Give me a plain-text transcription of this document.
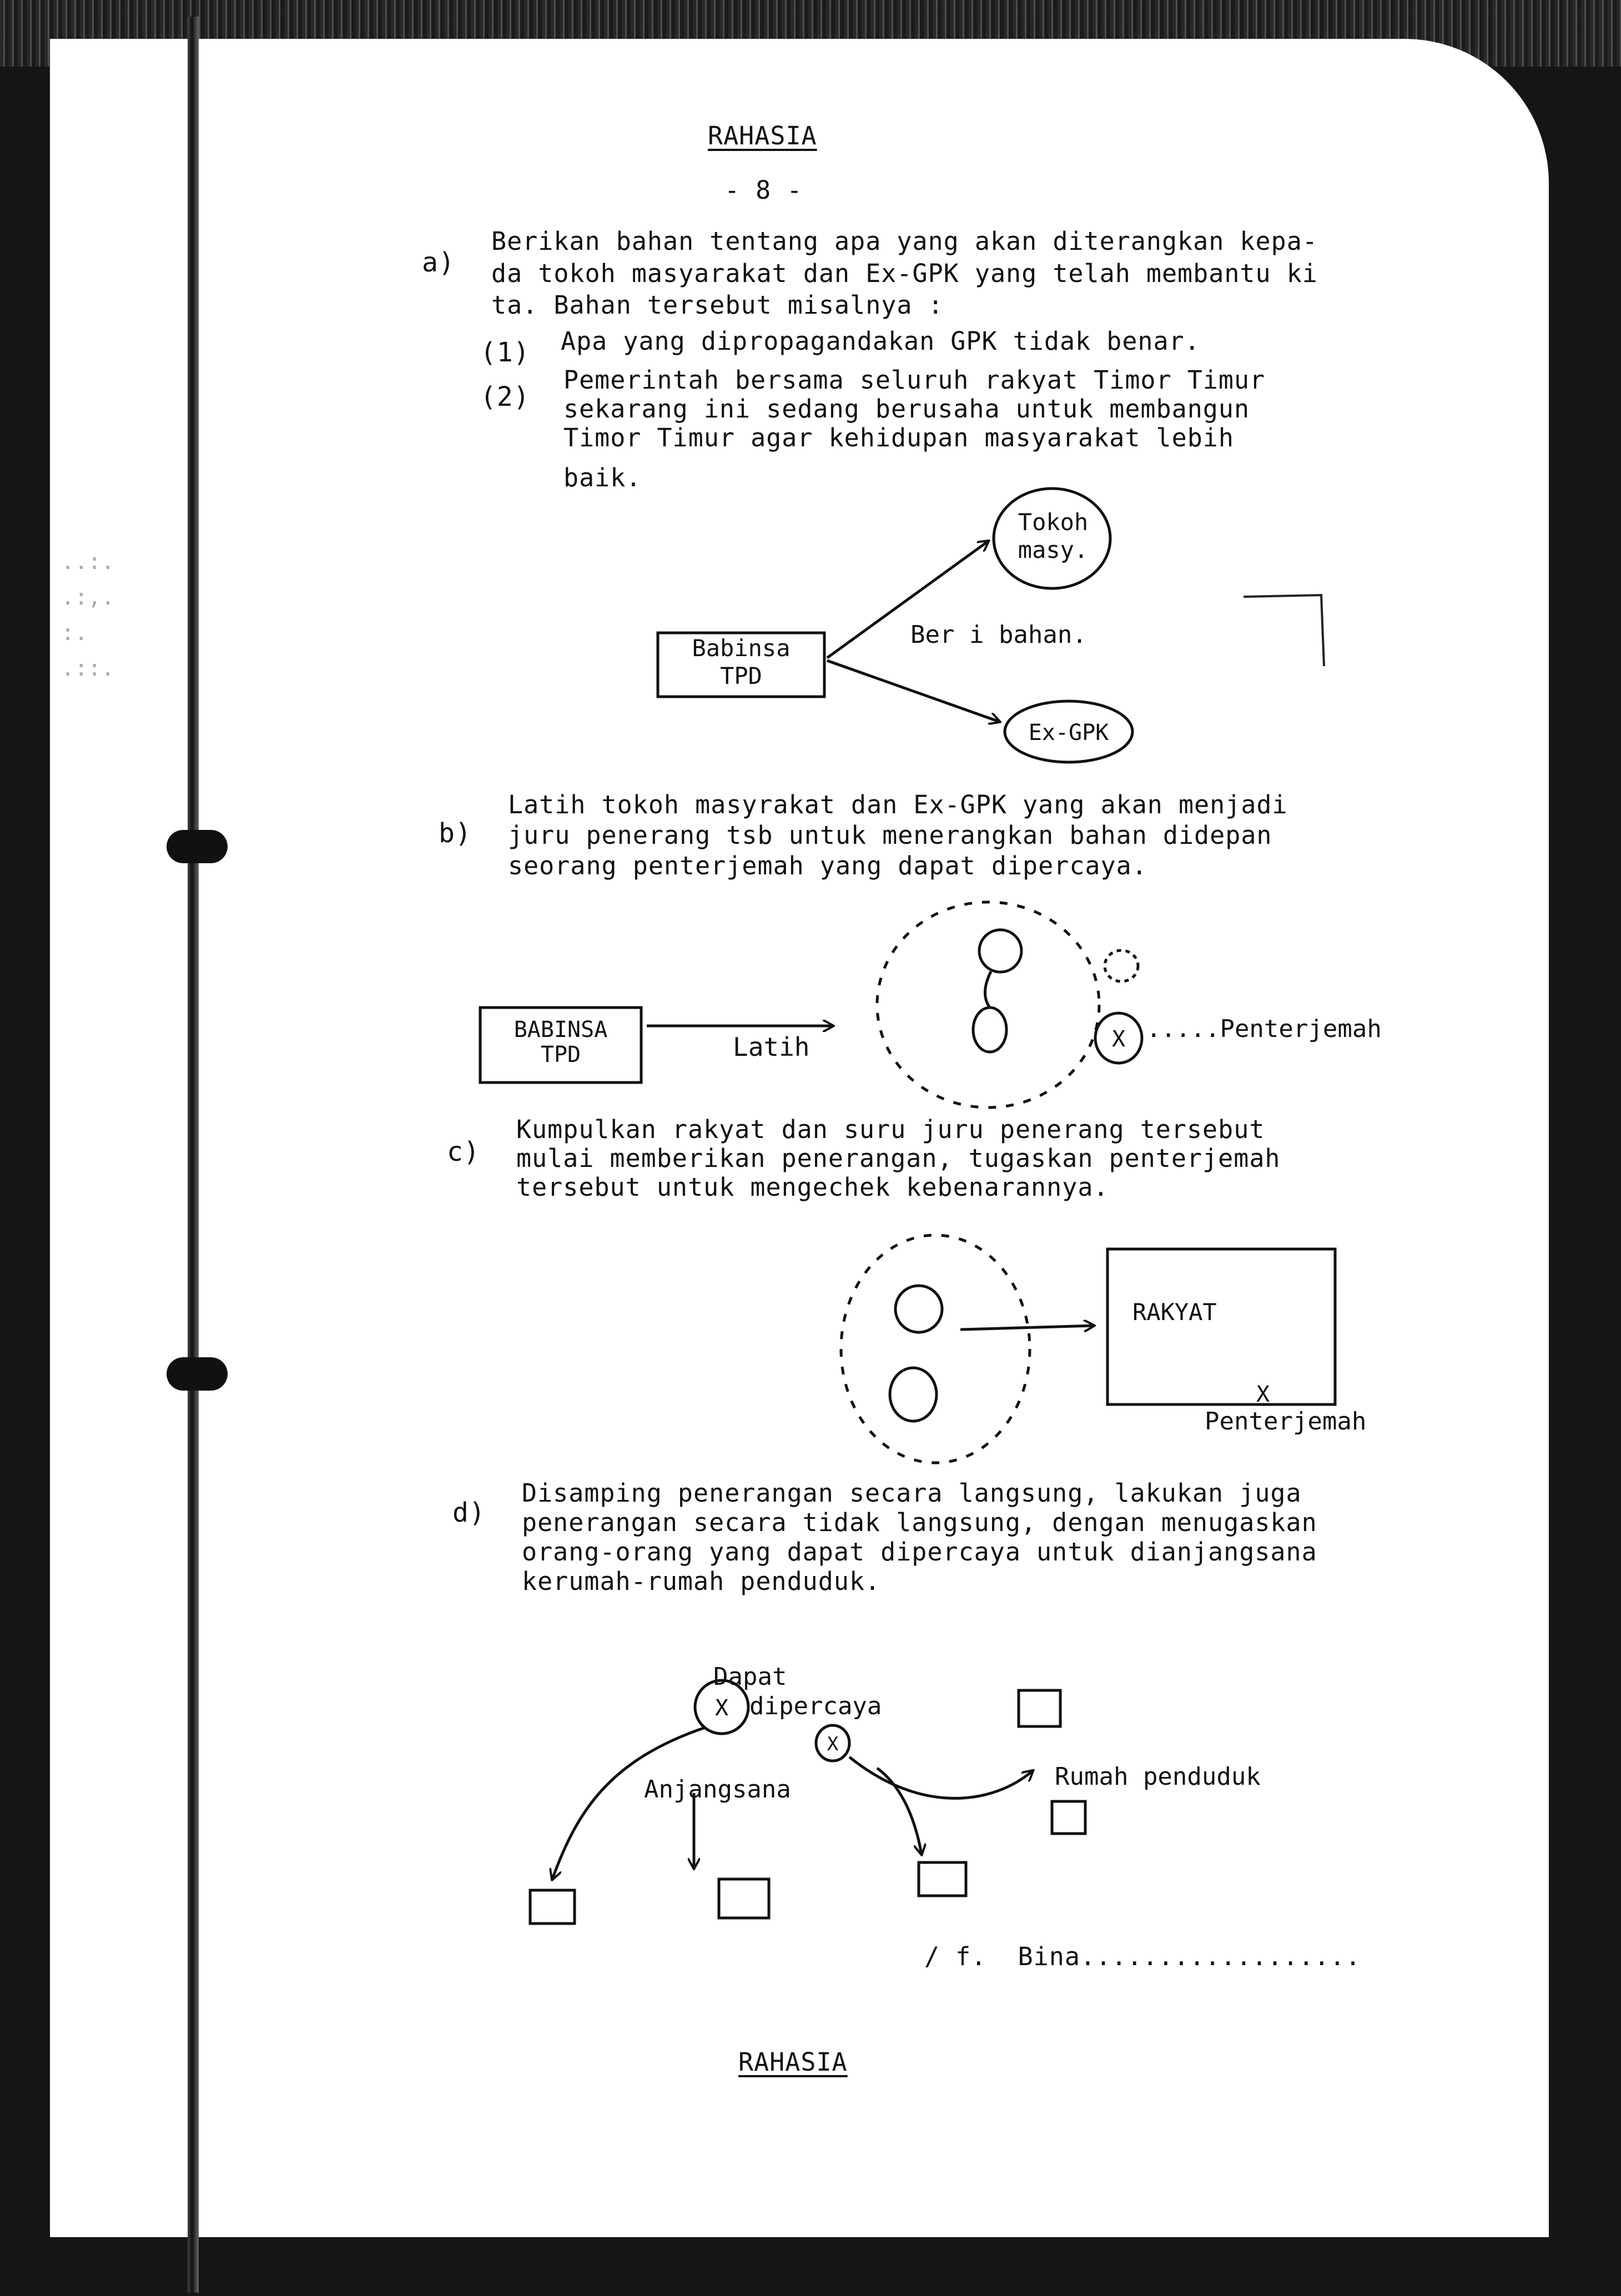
..:.
.:,.
:.
.::.
RAHASIA
- 8 -
a)
Berikan bahan tentang apa yang akan diterangkan kepa-
da tokoh masyarakat dan Ex-GPK yang telah membantu ki
ta. Bahan tersebut misalnya :
(1) Apa yang dipropagandakan GPK tidak benar.
(2)
Pemerintah bersama seluruh rakyat Timor Timur
sekarang ini sedang berusaha untuk membangun
Timor Timur agar kehidupan masyarakat lebih
baik.
b)
Latih tokoh masyrakat dan Ex-GPK yang akan menjadi
juru penerang tsb untuk menerangkan bahan didepan
seorang penterjemah yang dapat dipercaya.
c)
Kumpulkan rakyat dan suru juru penerang tersebut
mulai memberikan penerangan, tugaskan penterjemah
tersebut untuk mengechek kebenarannya.
d)
Disamping penerangan secara langsung, lakukan juga
penerangan secara tidak langsung, dengan menugaskan
orang-orang yang dapat dipercaya untuk dianjangsana
kerumah-rumah penduduk.
/ f.  Bina..................
RAHASIA
Babinsa
TPD
Tokoh
masy.
Ex-GPK
Ber i bahan.
BABINSA
TPD	Latih	X .....Penterjemah
RAKYAT
X
Penterjemah
Dapat
dipercaya
X
X
Anjangsana	Rumah penduduk
